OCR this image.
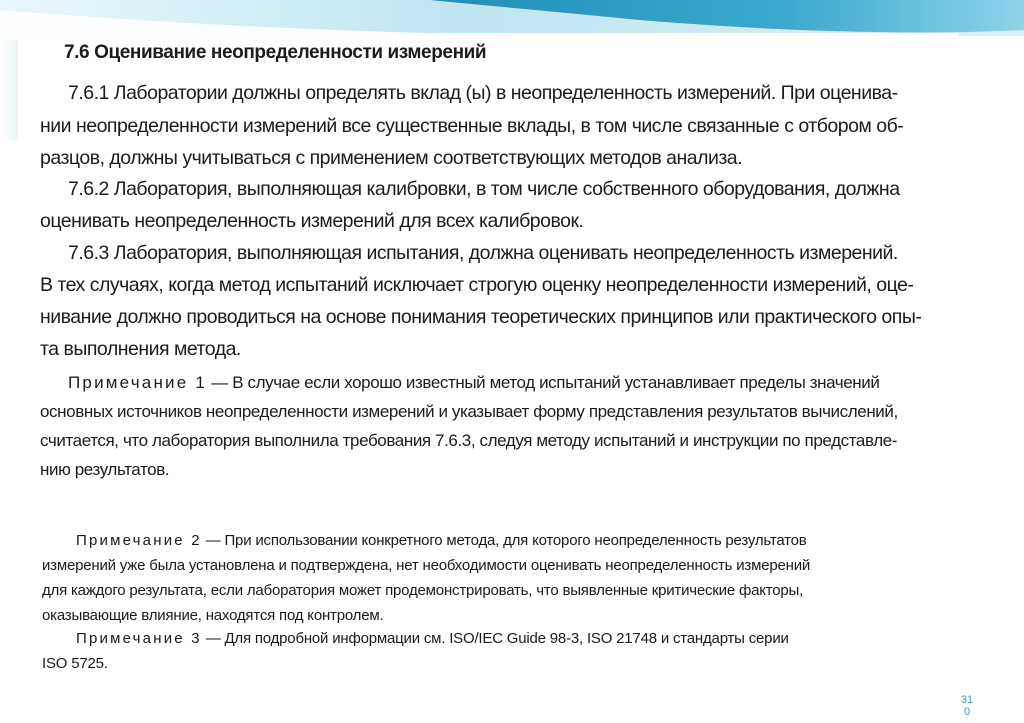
7.6 Оценивание неопределенности измерений
7.6.1 Лаборатории должны определять вклад (ы) в неопределенность измерений. При оценива-
нии неопределенности измерений все существенные вклады, в том числе связанные с отбором об-
разцов, должны учитываться с применением соответствующих методов анализа.
7.6.2 Лаборатория, выполняющая калибровки, в том числе собственного оборудования, должна
оценивать неопределенность измерений для всех калибровок.
7.6.3 Лаборатория, выполняющая испытания, должна оценивать неопределенность измерений.
В тех случаях, когда метод испытаний исключает строгую оценку неопределенности измерений, оце-
нивание должно проводиться на основе понимания теоретических принципов или практического опы-
та выполнения метода.
Примечание 1 — В случае если хорошо известный метод испытаний устанавливает пределы значений
основных источников неопределенности измерений и указывает форму представления результатов вычислений,
считается, что лаборатория выполнила требования 7.6.3, следуя методу испытаний и инструкции по представле-
нию результатов.
Примечание 2 — При использовании конкретного метода, для которого неопределенность результатов
измерений уже была установлена и подтверждена, нет необходимости оценивать неопределенность измерений
для каждого результата, если лаборатория может продемонстрировать, что выявленные критические факторы,
оказывающие влияние, находятся под контролем.
Примечание 3 — Для подробной информации см. ISO/IEC Guide 98-3, ISO 21748 и стандарты серии
ISO 5725.
310
